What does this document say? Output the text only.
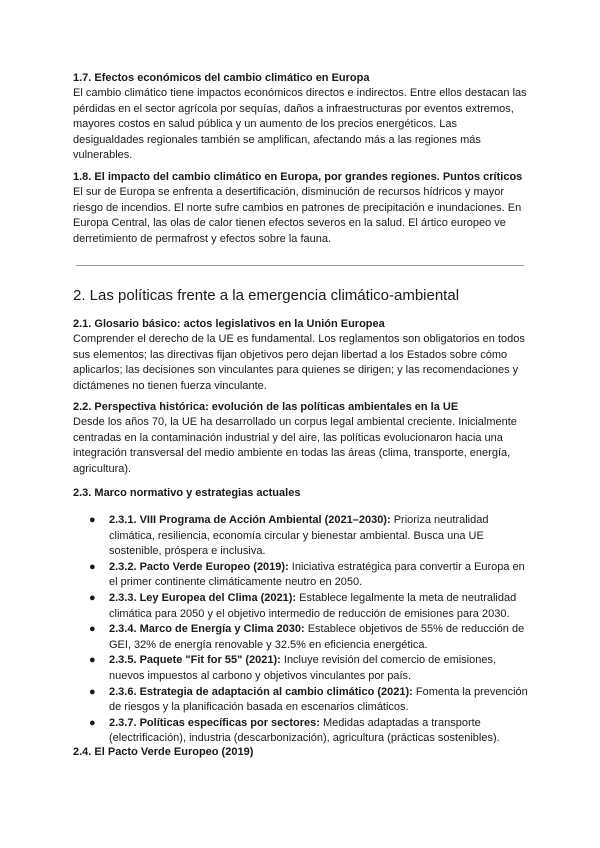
1.7. Efectos económicos del cambio climático en Europa

El cambio climático tiene impactos económicos directos e indirectos. Entre ellos destacan las pérdidas en el sector agrícola por sequías, daños a infraestructuras por eventos extremos, mayores costos en salud pública y un aumento de los precios energéticos. Las desigualdades regionales también se amplifican, afectando más a las regiones más vulnerables.

1.8. El impacto del cambio climático en Europa, por grandes regiones. Puntos críticos

El sur de Europa se enfrenta a desertificación, disminución de recursos hídricos y mayor riesgo de incendios. El norte sufre cambios en patrones de precipitación e inundaciones. En Europa Central, las olas de calor tienen efectos severos en la salud. El ártico europeo ve derretimiento de permafrost y efectos sobre la fauna.

2. Las políticas frente a la emergencia climático-ambiental

2.1. Glosario básico: actos legislativos en la Unión Europea

Comprender el derecho de la UE es fundamental. Los reglamentos son obligatorios en todos sus elementos; las directivas fijan objetivos pero dejan libertad a los Estados sobre cómo aplicarlos; las decisiones son vinculantes para quienes se dirigen; y las recomendaciones y dictámenes no tienen fuerza vinculante.

2.2. Perspectiva histórica: evolución de las políticas ambientales en la UE

Desde los años 70, la UE ha desarrollado un corpus legal ambiental creciente. Inicialmente centradas en la contaminación industrial y del aire, las políticas evolucionaron hacia una integración transversal del medio ambiente en todas las áreas (clima, transporte, energía, agricultura).

2.3. Marco normativo y estrategias actuales

● 2.3.1. VIII Programa de Acción Ambiental (2021–2030): Prioriza neutralidad climática, resiliencia, economía circular y bienestar ambiental. Busca una UE sostenible, próspera e inclusiva.
● 2.3.2. Pacto Verde Europeo (2019): Iniciativa estratégica para convertir a Europa en el primer continente climáticamente neutro en 2050.
● 2.3.3. Ley Europea del Clima (2021): Establece legalmente la meta de neutralidad climática para 2050 y el objetivo intermedio de reducción de emisiones para 2030.
● 2.3.4. Marco de Energía y Clima 2030: Establece objetivos de 55% de reducción de GEI, 32% de energía renovable y 32.5% en eficiencia energética.
● 2.3.5. Paquete "Fit for 55" (2021): Incluye revisión del comercio de emisiones, nuevos impuestos al carbono y objetivos vinculantes por país.
● 2.3.6. Estrategia de adaptación al cambio climático (2021): Fomenta la prevención de riesgos y la planificación basada en escenarios climáticos.
● 2.3.7. Políticas específicas por sectores: Medidas adaptadas a transporte (electrificación), industria (descarbonización), agricultura (prácticas sostenibles).

2.4. El Pacto Verde Europeo (2019)
